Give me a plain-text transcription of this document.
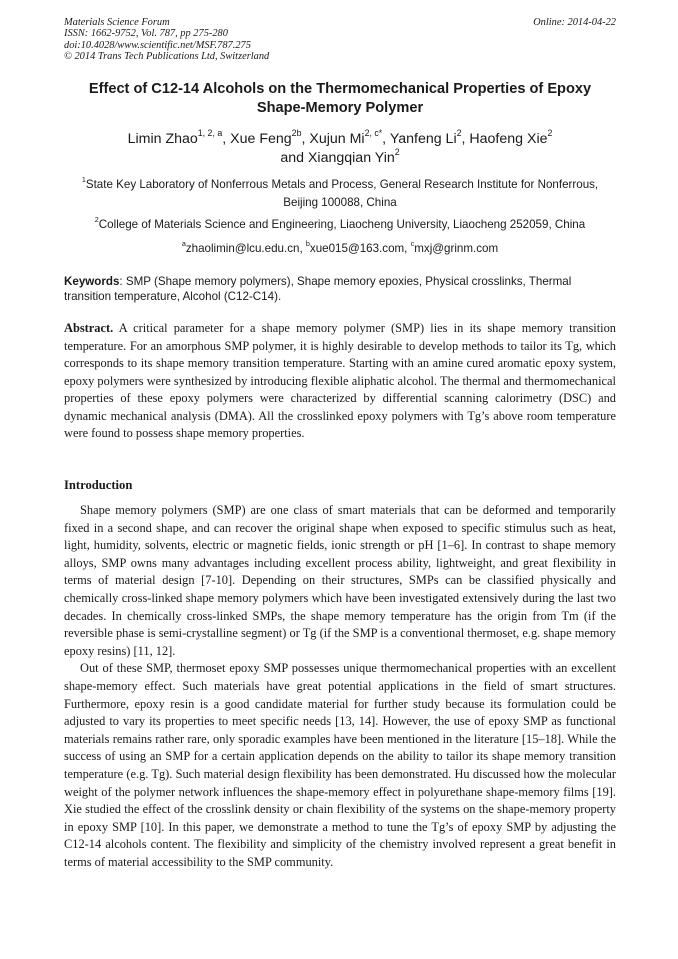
Materials Science Forum
ISSN: 1662-9752, Vol. 787, pp 275-280
doi:10.4028/www.scientific.net/MSF.787.275
© 2014 Trans Tech Publications Ltd, Switzerland
Online: 2014-04-22
Effect of C12-14 Alcohols on the Thermomechanical Properties of Epoxy Shape-Memory Polymer
Limin Zhao$^{1, 2, a}$, Xue Feng$^{2b}$, Xujun $Mi^{2, c*}$, Yanfeng Li$^2$, Haofeng Xie$^2$
and Xiangqian Yin$^2$
$^1$State Key Laboratory of Nonferrous Metals and Process, General Research Institute for Nonferrous, Beijing 100088, China
$^2$College of Materials Science and Engineering, Liaocheng University, Liaocheng 252059, China
$^a$zhaolimin@lcu.edu.cn, $^b$xue015@163.com, $^c$mxj@grinm.com
Keywords: SMP (Shape memory polymers), Shape memory epoxies, Physical crosslinks, Thermal transition temperature, Alcohol (C12-C14).
Abstract. A critical parameter for a shape memory polymer (SMP) lies in its shape memory transition temperature. For an amorphous SMP polymer, it is highly desirable to develop methods to tailor its Tg, which corresponds to its shape memory transition temperature. Starting with an amine cured aromatic epoxy system, epoxy polymers were synthesized by introducing flexible aliphatic alcohol. The thermal and thermomechanical properties of these epoxy polymers were characterized by differential scanning calorimetry (DSC) and dynamic mechanical analysis (DMA). All the crosslinked epoxy polymers with Tg’s above room temperature were found to possess shape memory properties.
Introduction

Shape memory polymers (SMP) are one class of smart materials that can be deformed and temporarily fixed in a second shape, and can recover the original shape when exposed to specific stimulus such as heat, light, humidity, solvents, electric or magnetic fields, ionic strength or pH [1–6]. In contrast to shape memory alloys, SMP owns many advantages including excellent process ability, lightweight, and great flexibility in terms of material design [7-10]. Depending on their structures, SMPs can be classified physically and chemically cross-linked shape memory polymers which have been investigated extensively during the last two decades. In chemically cross-linked SMPs, the shape memory temperature has the origin from Tm (if the reversible phase is semi-crystalline segment) or Tg (if the SMP is a conventional thermoset, e.g. shape memory epoxy resins) [11, 12].

Out of these SMP, thermoset epoxy SMP possesses unique thermomechanical properties with an excellent shape-memory effect. Such materials have great potential applications in the field of smart structures. Furthermore, epoxy resin is a good candidate material for further study because its formulation could be adjusted to vary its properties to meet specific needs [13, 14]. However, the use of epoxy SMP as functional materials remains rather rare, only sporadic examples have been mentioned in the literature [15–18]. While the success of using an SMP for a certain application depends on the ability to tailor its shape memory transition temperature (e.g. Tg). Such material design flexibility has been demonstrated. Hu discussed how the molecular weight of the polymer network influences the shape-memory effect in polyurethane shape-memory films [19]. Xie studied the effect of the crosslink density or chain flexibility of the systems on the shape-memory property in epoxy SMP [10]. In this paper, we demonstrate a method to tune the Tg’s of epoxy SMP by adjusting the C12-14 alcohols content. The flexibility and simplicity of the chemistry involved represent a great benefit in terms of material accessibility to the SMP community.
